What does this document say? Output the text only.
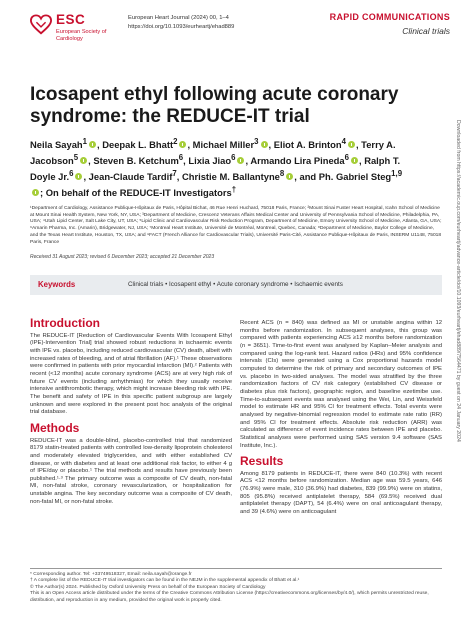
ESC
European Society of Cardiology
European Heart Journal (2024) 00, 1–4
https://doi.org/10.1093/eurheartj/ehad889
RAPID COMMUNICATIONS
Clinical trials
Icosapent ethyl following acute coronary syndrome: the REDUCE-IT trial
Neila Sayah$^1$ , Deepak L. Bhatt$^2$ , Michael Miller$^3$ , Eliot A. Brinton$^4$ , Terry A. Jacobson$^5$ , Steven B. Ketchum$^6$, Lixia Jiao$^6$ , Armando Lira Pineda$^6$ , Ralph T. Doyle Jr.$^6$ , Jean-Claude Tardif$^7$, Christie M. Ballantyne$^8$ , and Ph. Gabriel Steg$^{1,9}$; On behalf of the REDUCE-IT Investigators†
¹Department of Cardiology, Assistance Publique-Hôpitaux de Paris, Hôpital Bichat, 46 Rue Henri Huchard, 75018 Paris, France; ²Mount Sinai Fuster Heart Hospital, Icahn School of Medicine at Mount Sinai Health System, New York, NY, USA; ³Department of Medicine, Crescenz Veterans Affairs Medical Center and University of Pennsylvania School of Medicine, Philadelphia, PA, USA; ⁴Utah Lipid Center, Salt Lake City, UT, USA; ⁵Lipid Clinic and Cardiovascular Risk Reduction Program, Department of Medicine, Emory University School of Medicine, Atlanta, GA, USA; ⁶Amarin Pharma, Inc. (Amarin), Bridgewater, NJ, USA; ⁷Montreal Heart Institute, Université de Montréal, Montreal, Quebec, Canada; ⁸Department of Medicine, Baylor College of Medicine, and the Texas Heart Institute, Houston, TX, USA; and ⁹FACT (French Alliance for Cardiovascular Trials), Université Paris-Cité, Assistance Publique-Hôpitaux de Paris, INSERM U1148, 75018 Paris, France
Received 31 August 2023; revised 6 December 2023; accepted 21 December 2023
Keywords	Clinical trials • Icosapent ethyl • Acute coronary syndrome • Ischaemic events
Introduction

The REDUCE-IT [Reduction of Cardiovascular Events With Icosapent Ethyl (IPE)-Intervention Trial] trial showed robust reductions in ischaemic events with IPE vs. placebo, including reduced cardiovascular (CV) death, albeit with increased rates of bleeding, and of atrial fibrillation (AF).¹ These observations were confirmed in patients with prior myocardial infarction (MI).² Patients with recent (<12 months) acute coronary syndrome (ACS) are at very high risk of future CV events (including arrhythmias) for which they usually receive intensive antithrombotic therapy, which might increase bleeding risk with IPE. The benefit and safety of IPE in this specific patient subgroup are largely unknown and were explored in the present post hoc analysis of the original trial database.

Methods

REDUCE-IT was a double-blind, placebo-controlled trial that randomized 8179 statin-treated patients with controlled low-density lipoprotein cholesterol and moderately elevated triglycerides, and with either established CV disease, or with diabetes and at least one additional risk factor, to either 4 g of IPE/day or placebo.¹ The trial methods and results have previously been published.¹·³ The primary outcome was a composite of CV death, non-fatal MI, non-fatal stroke, coronary revascularization, or hospitalization for unstable angina. The key secondary outcome was a composite of CV death, non-fatal MI, or non-fatal stroke.

Recent ACS (n = 840) was defined as MI or unstable angina within 12 months before randomization. In subsequent analyses, this group was compared with patients experiencing ACS ≥12 months before randomization (n = 3651). Time-to-first event was analysed by Kaplan–Meier analysis and compared using the log-rank test. Hazard ratios (HRs) and 95% confidence intervals (CIs) were generated using a Cox proportional hazards model computed to determine the risk of primary and secondary outcomes of IPE vs. placebo in two-sided analyses. The model was stratified by the three randomization factors of CV risk category (established CV disease or diabetes plus risk factors), geographic region, and baseline ezetimibe use. Time-to-subsequent events was analysed using the Wei, Lin, and Weissfeld model to estimate HR and 95% CI for treatment effects. Total events were analysed by negative-binomial regression model to estimate rate ratio (RR) and 95% CI for treatment effects. Absolute risk reduction (ARR) was calculated as difference of event incidence rates between IPE and placebo. Statistical analyses were performed using SAS version 9.4 software (SAS Institute, Inc.).

Results

Among 8179 patients in REDUCE-IT, there were 840 (10.3%) with recent ACS <12 months before randomization. Median age was 59.5 years, 646 (76.9%) were male, 310 (36.9%) had diabetes, 839 (99.9%) were on statins, 805 (95.8%) received antiplatelet therapy, 584 (69.5%) received dual antiplatelet therapy (DAPT), 54 (6.4%) were on oral anticoagulant therapy, and 39 (4.6%) were on anticoagulant

* Corresponding author. Tel: +33749518327, Email: neila.sayah@orange.fr
† A complete list of the REDUCE-IT trial investigators can be found in the NEJM in the supplemental appendix of Bhatt et al.¹
© The Author(s) 2024. Published by Oxford University Press on behalf of the European Society of Cardiology
This is an Open Access article distributed under the terms of the Creative Commons Attribution License (https://creativecommons.org/licenses/by/4.0/), which permits unrestricted reuse, distribution, and reproduction in any medium, provided the original work is properly cited.
Downloaded from https://academic.oup.com/eurheartj/advance-article/doi/10.1093/eurheartj/ehad889/7564471 by guest on 24 January 2024
